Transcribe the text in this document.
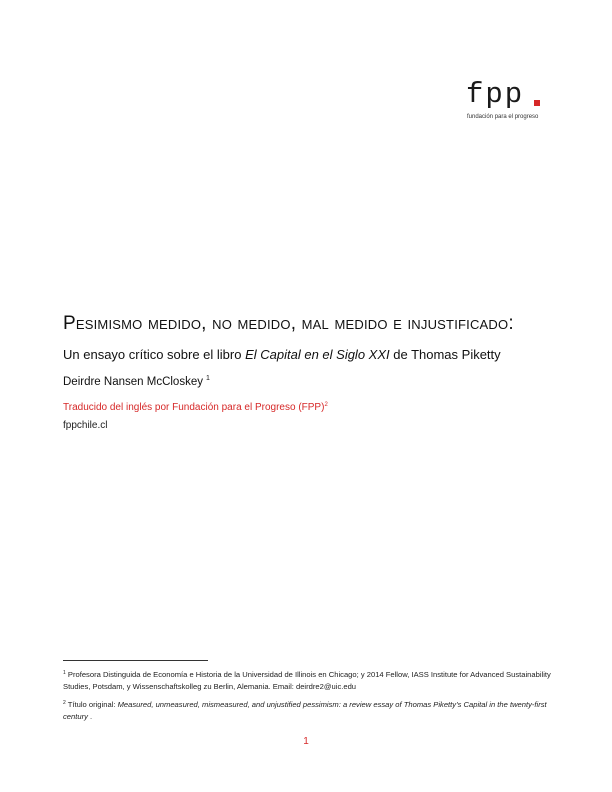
fpp
fundación para el progreso
Pesimismo medido, no medido, mal medido e injustificado:
Un ensayo crítico sobre el libro El Capital en el Siglo XXI de Thomas Piketty
Deirdre Nansen McCloskey $^1$
Traducido del inglés por Fundación para el Progreso (FPP)$^2$
fppchile.cl
$^1$ Profesora Distinguida de Economía e Historia de la Universidad de Illinois en Chicago; y 2014 Fellow, IASS Institute for Advanced Sustainability Studies, Potsdam, y Wissenschaftskolleg zu Berlin, Alemania. Email: deirdre2@uic.edu
$^2$ Título original: Measured, unmeasured, mismeasured, and unjustified pessimism: a review essay of Thomas Piketty’s Capital in the twenty-first century .
1
